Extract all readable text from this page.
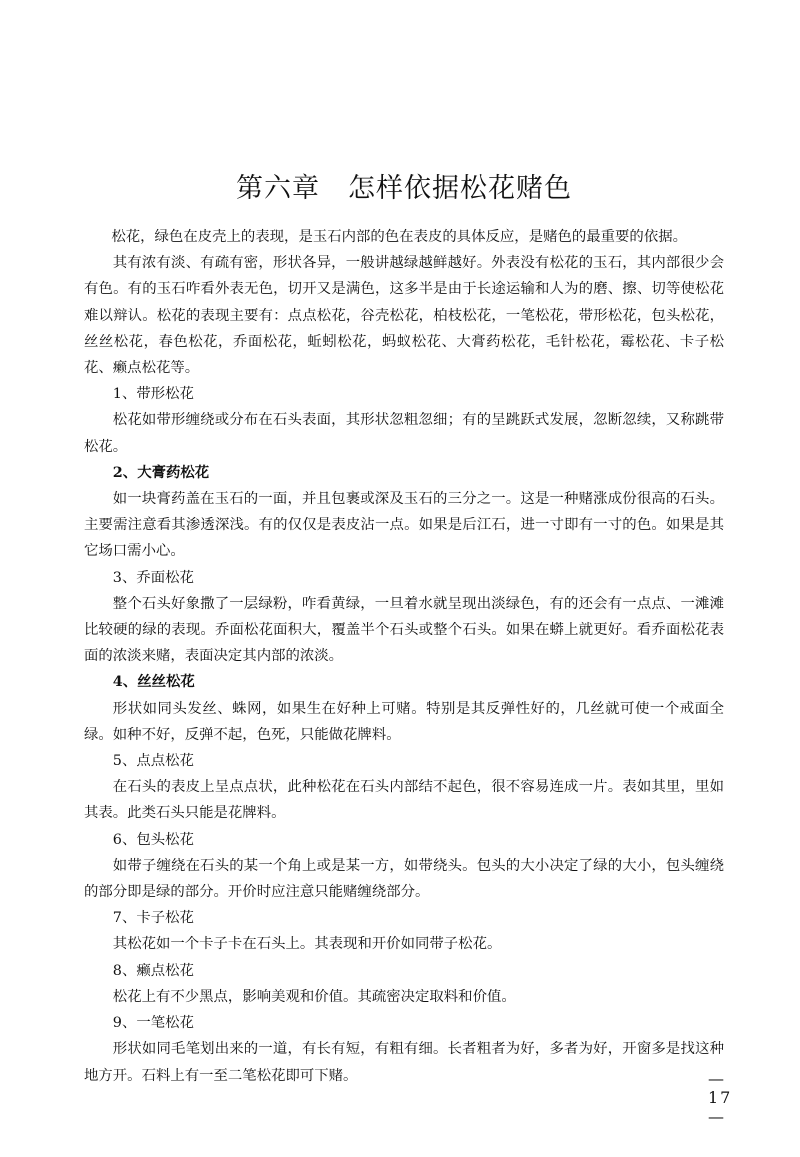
第六章　怎样依据松花赌色

松花，绿色在皮壳上的表现，是玉石内部的色在表皮的具体反应，是赌色的最重要的依据。

其有浓有淡、有疏有密，形状各异，一般讲越绿越鲜越好。外表没有松花的玉石，其内部很少会有色。有的玉石咋看外表无色，切开又是满色，这多半是由于长途运输和人为的磨、擦、切等使松花难以辩认。松花的表现主要有：点点松花，谷壳松花，柏枝松花，一笔松花，带形松花，包头松花，丝丝松花，春色松花，乔面松花，蚯蚓松花，蚂蚁松花、大膏药松花，毛针松花，霉松花、卡子松花、癞点松花等。

1、带形松花

松花如带形缠绕或分布在石头表面，其形状忽粗忽细；有的呈跳跃式发展，忽断忽续，又称跳带松花。

2、大膏药松花

如一块膏药盖在玉石的一面，并且包裹或深及玉石的三分之一。这是一种赌涨成份很高的石头。主要需注意看其渗透深浅。有的仅仅是表皮沾一点。如果是后江石，进一寸即有一寸的色。如果是其它场口需小心。

3、乔面松花

整个石头好象撒了一层绿粉，咋看黄绿，一旦着水就呈现出淡绿色，有的还会有一点点、一滩滩比较硬的绿的表现。乔面松花面积大，覆盖半个石头或整个石头。如果在蟒上就更好。看乔面松花表面的浓淡来赌，表面决定其内部的浓淡。

4、丝丝松花

形状如同头发丝、蛛网，如果生在好种上可赌。特别是其反弹性好的，几丝就可使一个戒面全绿。如种不好，反弹不起，色死，只能做花牌料。

5、点点松花

在石头的表皮上呈点点状，此种松花在石头内部结不起色，很不容易连成一片。表如其里，里如其表。此类石头只能是花牌料。

6、包头松花

如带子缠绕在石头的某一个角上或是某一方，如带绕头。包头的大小决定了绿的大小，包头缠绕的部分即是绿的部分。开价时应注意只能赌缠绕部分。

7、卡子松花

其松花如一个卡子卡在石头上。其表现和开价如同带子松花。

8、癞点松花

松花上有不少黑点，影响美观和价值。其疏密决定取料和价值。

9、一笔松花

形状如同毛笔划出来的一道，有长有短，有粗有细。长者粗者为好，多者为好，开窗多是找这种地方开。石料上有一至二笔松花即可下赌。	— 17 —
